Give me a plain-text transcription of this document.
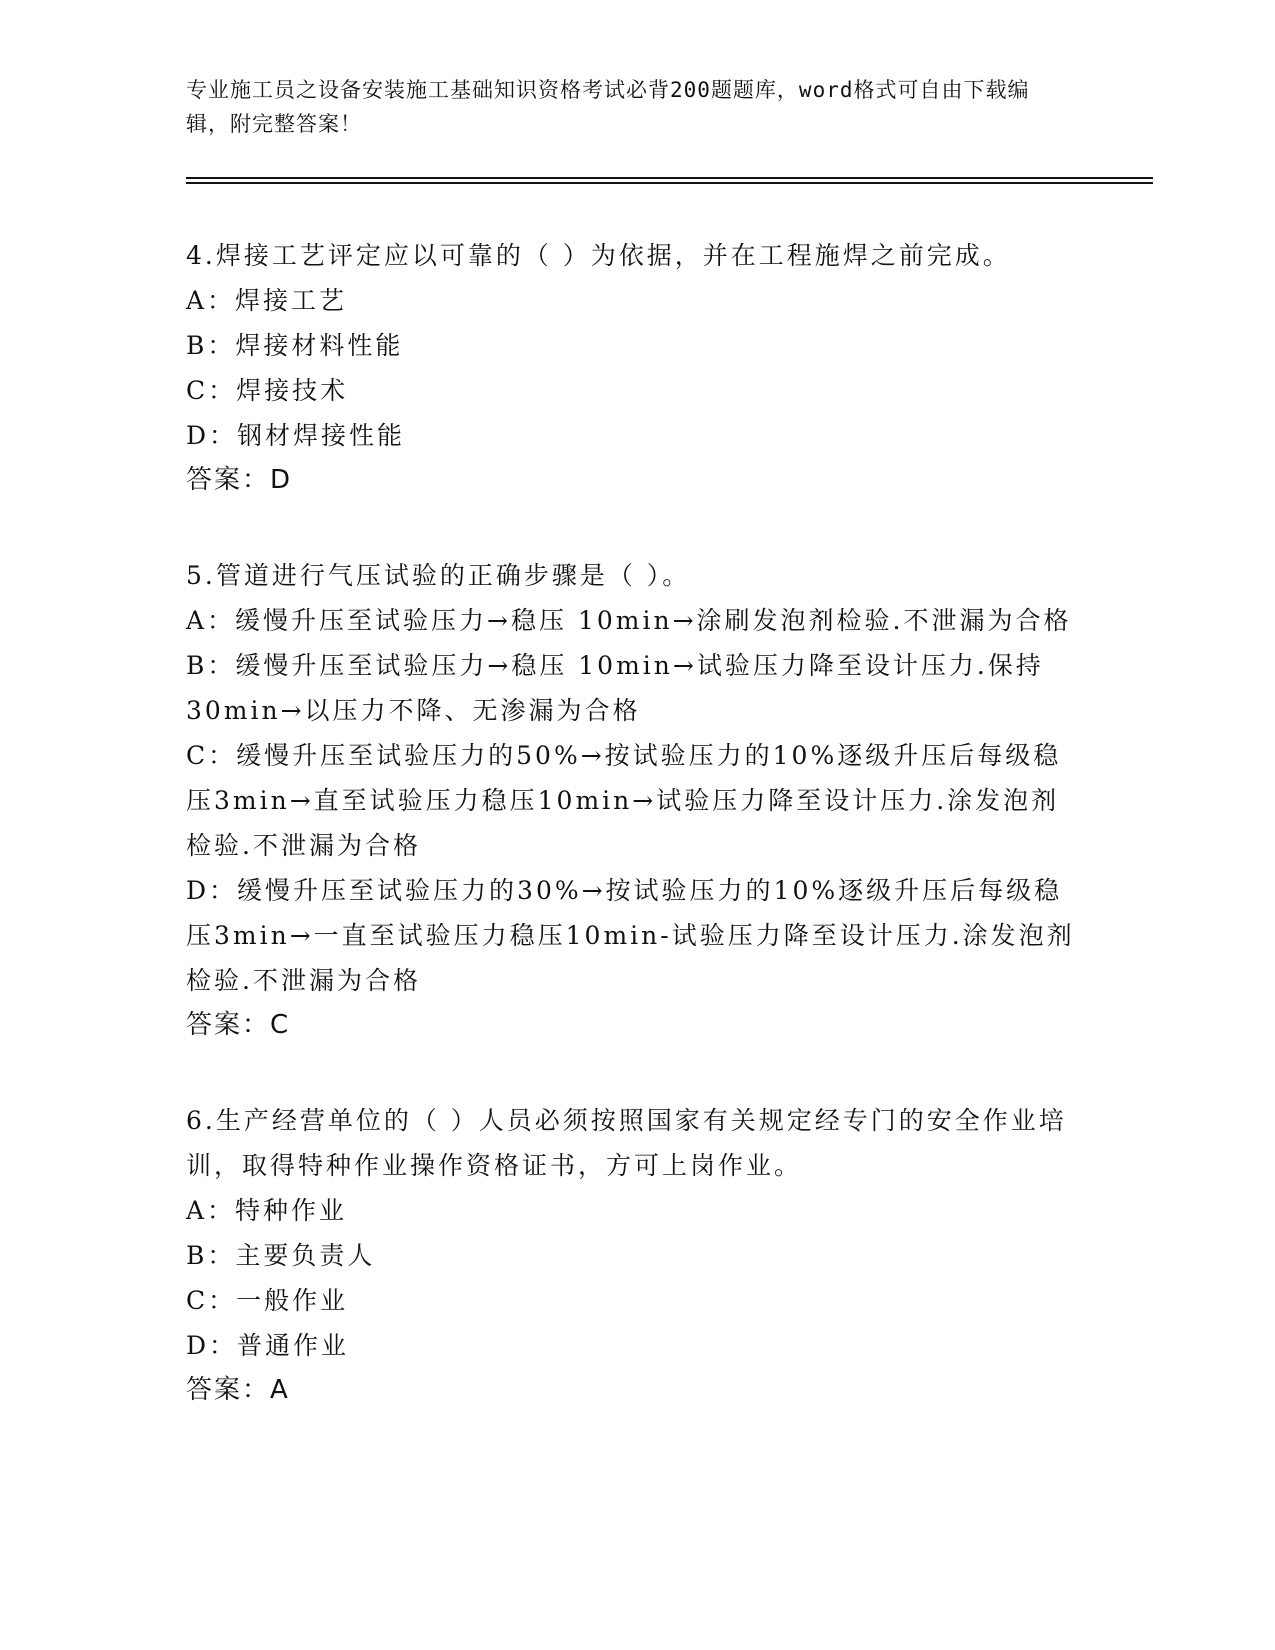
专业施工员之设备安装施工基础知识资格考试必背200题题库，word格式可自由下载编辑，附完整答案！

4.焊接工艺评定应以可靠的（ ）为依据，并在工程施焊之前完成。

A：焊接工艺

B：焊接材料性能

C：焊接技术

D：钢材焊接性能

答案：D

5.管道进行气压试验的正确步骤是（ ）。

A：缓慢升压至试验压力→稳压 10min→涂刷发泡剂检验.不泄漏为合格

B：缓慢升压至试验压力→稳压 10min→试验压力降至设计压力.保持30min→以压力不降、无渗漏为合格

C：缓慢升压至试验压力的50%→按试验压力的10%逐级升压后每级稳压3min→直至试验压力稳压10min→试验压力降至设计压力.涂发泡剂检验.不泄漏为合格

D：缓慢升压至试验压力的30%→按试验压力的10%逐级升压后每级稳压3min→一直至试验压力稳压10min-试验压力降至设计压力.涂发泡剂检验.不泄漏为合格

答案：C

6.生产经营单位的（ ）人员必须按照国家有关规定经专门的安全作业培训，取得特种作业操作资格证书，方可上岗作业。

A：特种作业

B：主要负责人

C：一般作业

D：普通作业

答案：A
